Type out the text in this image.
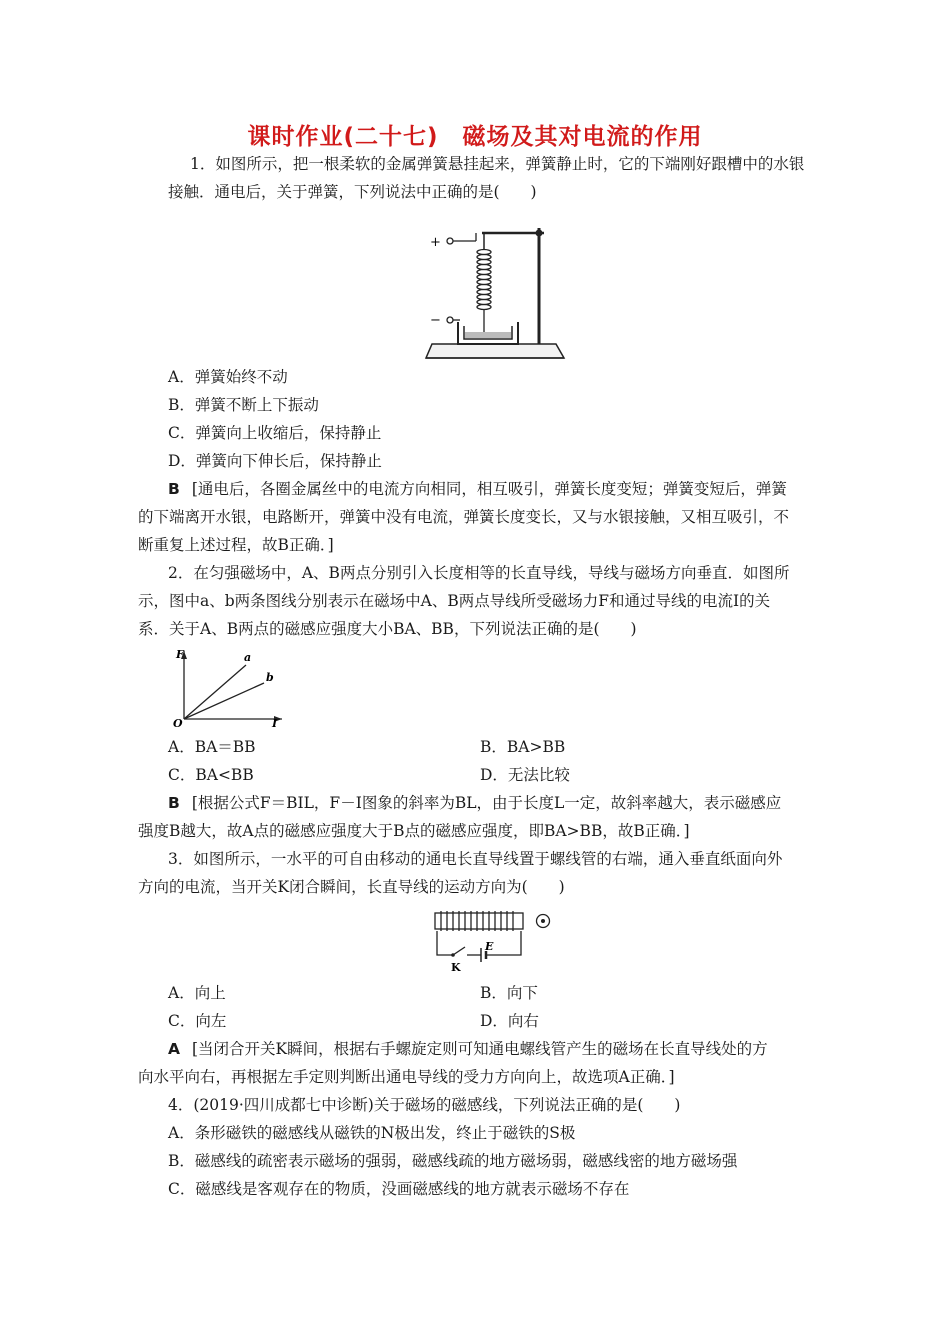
课时作业(二十七)　磁场及其对电流的作用
1．如图所示，把一根柔软的金属弹簧悬挂起来，弹簧静止时，它的下端刚好跟槽中的水银
接触．通电后，关于弹簧，下列说法中正确的是(　　)
+
−
A．弹簧始终不动
B．弹簧不断上下振动
C．弹簧向上收缩后，保持静止
D．弹簧向下伸长后，保持静止
B [通电后，各圈金属丝中的电流方向相同，相互吸引，弹簧长度变短；弹簧变短后，弹簧
的下端离开水银，电路断开，弹簧中没有电流，弹簧长度变长，又与水银接触，又相互吸引，不
断重复上述过程，故B正确．]
2．在匀强磁场中，A、B两点分别引入长度相等的长直导线，导线与磁场方向垂直．如图所
示，图中a、b两条图线分别表示在磁场中A、B两点导线所受磁场力F和通过导线的电流I的关
系．关于A、B两点的磁感应强度大小BA、BB，下列说法正确的是(　　)
F
I
O
a
b
A．BA＝BB	B．BA>BB
C．BA<BB	D．无法比较
B [根据公式F＝BIL，F－I图象的斜率为BL，由于长度L一定，故斜率越大，表示磁感应
强度B越大，故A点的磁感应强度大于B点的磁感应强度，即BA>BB，故B正确．]
3．如图所示，一水平的可自由移动的通电长直导线置于螺线管的右端，通入垂直纸面向外
方向的电流，当开关K闭合瞬间，长直导线的运动方向为(　　)
K
E
A．向上	B．向下
C．向左	D．向右
A [当闭合开关K瞬间，根据右手螺旋定则可知通电螺线管产生的磁场在长直导线处的方
向水平向右，再根据左手定则判断出通电导线的受力方向向上，故选项A正确．]
4．(2019·四川成都七中诊断)关于磁场的磁感线，下列说法正确的是(　　)
A．条形磁铁的磁感线从磁铁的N极出发，终止于磁铁的S极
B．磁感线的疏密表示磁场的强弱，磁感线疏的地方磁场弱，磁感线密的地方磁场强
C．磁感线是客观存在的物质，没画磁感线的地方就表示磁场不存在
